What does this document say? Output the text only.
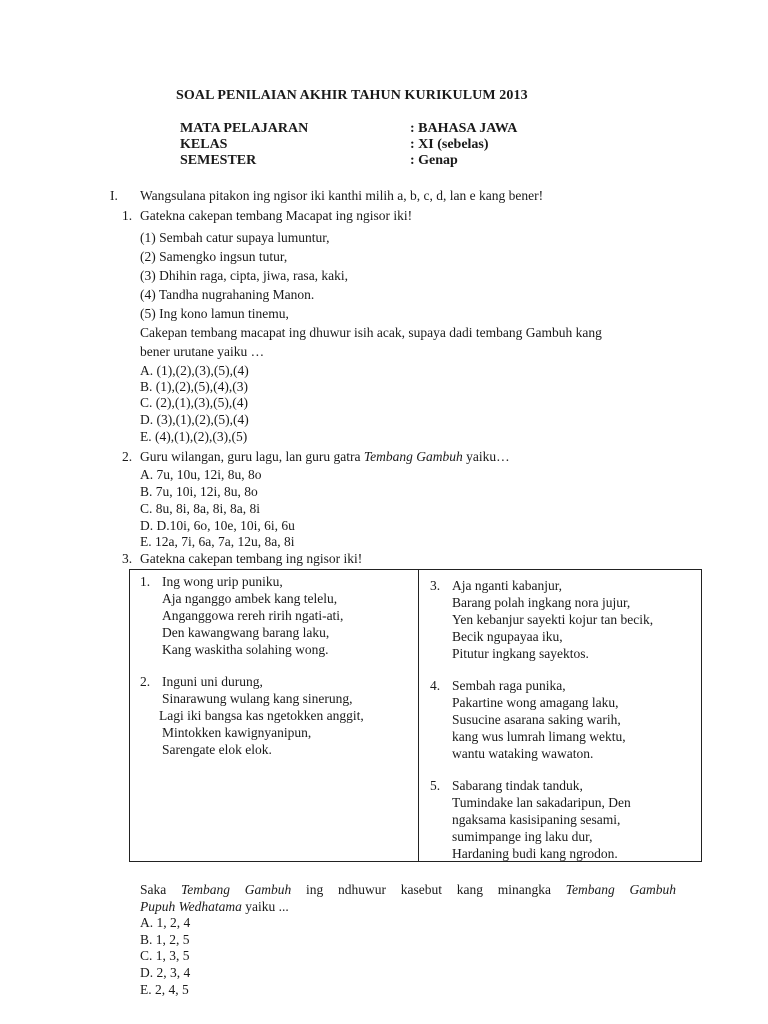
SOAL PENILAIAN AKHIR TAHUN KURIKULUM 2013
MATA PELAJARAN	: BAHASA JAWA
KELAS	: XI (sebelas)
SEMESTER	: Genap
I. Wangsulana pitakon ing ngisor iki kanthi milih a, b, c, d, lan e kang bener!
1. Gatekna cakepan tembang Macapat ing ngisor iki!
(1) Sembah catur supaya lumuntur,
(2) Samengko ingsun tutur,
(3) Dhihin raga, cipta, jiwa, rasa, kaki,
(4) Tandha nugrahaning Manon.
(5) Ing kono lamun tinemu,
Cakepan tembang macapat ing dhuwur isih acak, supaya dadi tembang Gambuh kang
bener urutane yaiku …
A. (1),(2),(3),(5),(4)
B. (1),(2),(5),(4),(3)
C. (2),(1),(3),(5),(4)
D. (3),(1),(2),(5),(4)
E. (4),(1),(2),(3),(5)
2. Guru wilangan, guru lagu, lan guru gatra Tembang Gambuh yaiku…
A. 7u, 10u, 12i, 8u, 8o
B. 7u, 10i, 12i, 8u, 8o
C. 8u, 8i, 8a, 8i, 8a, 8i
D. D.10i, 6o, 10e, 10i, 6i, 6u
E. 12a, 7i, 6a, 7a, 12u, 8a, 8i
3. Gatekna cakepan tembang ing ngisor iki!
1. Ing wong urip puniku,
Aja nganggo ambek kang telelu,
Anganggowa rereh ririh ngati-ati,
Den kawangwang barang laku,
Kang waskitha solahing wong.
2. Inguni uni durung,
Sinarawung wulang kang sinerung,
Lagi iki bangsa kas ngetokken anggit,
Mintokken kawignyanipun,
Sarengate elok elok.
3. Aja nganti kabanjur,
Barang polah ingkang nora jujur,
Yen kebanjur sayekti kojur tan becik,
Becik ngupayaa iku,
Pitutur ingkang sayektos.
4. Sembah raga punika,
Pakartine wong amagang laku,
Susucine asarana saking warih,
kang wus lumrah limang wektu,
wantu wataking wawaton.
5. Sabarang tindak tanduk,
Tumindake lan sakadaripun, Den
ngaksama kasisipaning sesami,
sumimpange ing laku dur,
Hardaning budi kang ngrodon.
Saka Tembang Gambuh ing ndhuwur kasebut kang minangka Tembang Gambuh
Pupuh Wedhatama yaiku ...
A. 1, 2, 4
B. 1, 2, 5
C. 1, 3, 5
D. 2, 3, 4
E. 2, 4, 5
